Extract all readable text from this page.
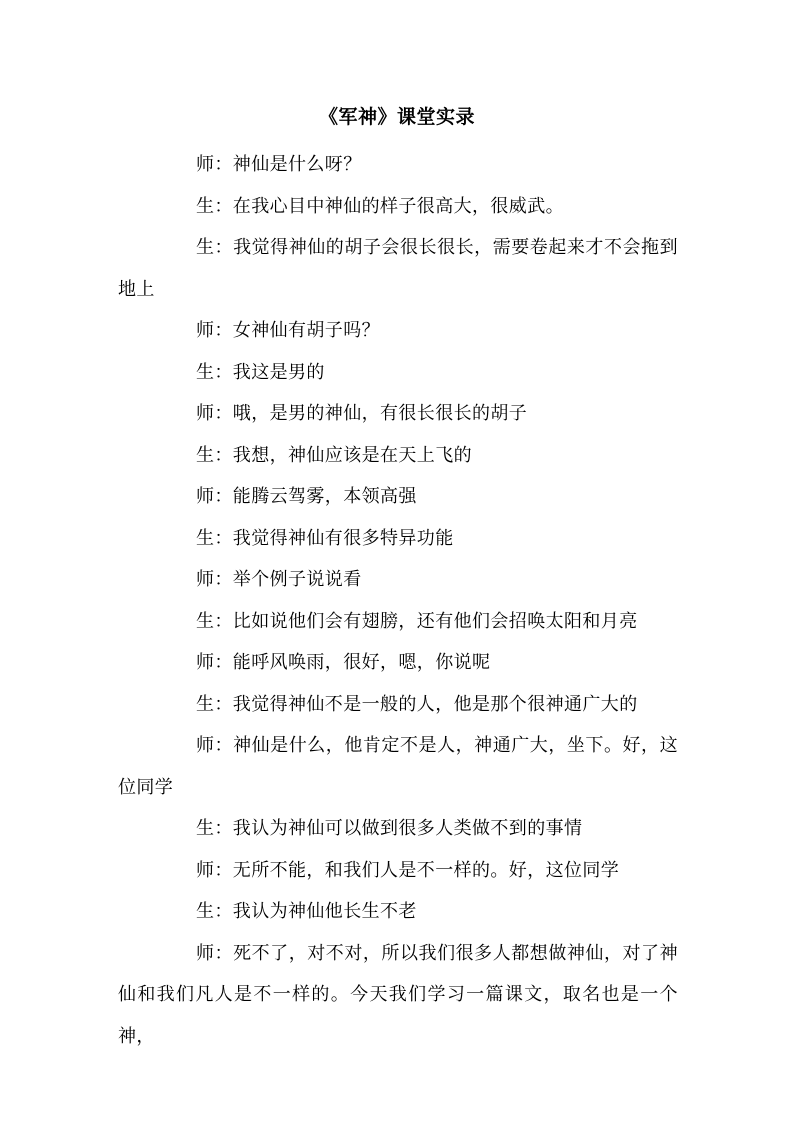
《军神》课堂实录

师：神仙是什么呀？

生：在我心目中神仙的样子很高大，很威武。

生：我觉得神仙的胡子会很长很长，需要卷起来才不会拖到地上

师：女神仙有胡子吗？

生：我这是男的

师：哦，是男的神仙，有很长很长的胡子

生：我想，神仙应该是在天上飞的

师：能腾云驾雾，本领高强

生：我觉得神仙有很多特异功能

师：举个例子说说看

生：比如说他们会有翅膀，还有他们会招唤太阳和月亮

师：能呼风唤雨，很好，嗯，你说呢

生：我觉得神仙不是一般的人，他是那个很神通广大的

师：神仙是什么，他肯定不是人，神通广大，坐下。好，这位同学

生：我认为神仙可以做到很多人类做不到的事情

师：无所不能，和我们人是不一样的。好，这位同学

生：我认为神仙他长生不老

师：死不了，对不对，所以我们很多人都想做神仙，对了神仙和我们凡人是不一样的。今天我们学习一篇课文，取名也是一个神，
